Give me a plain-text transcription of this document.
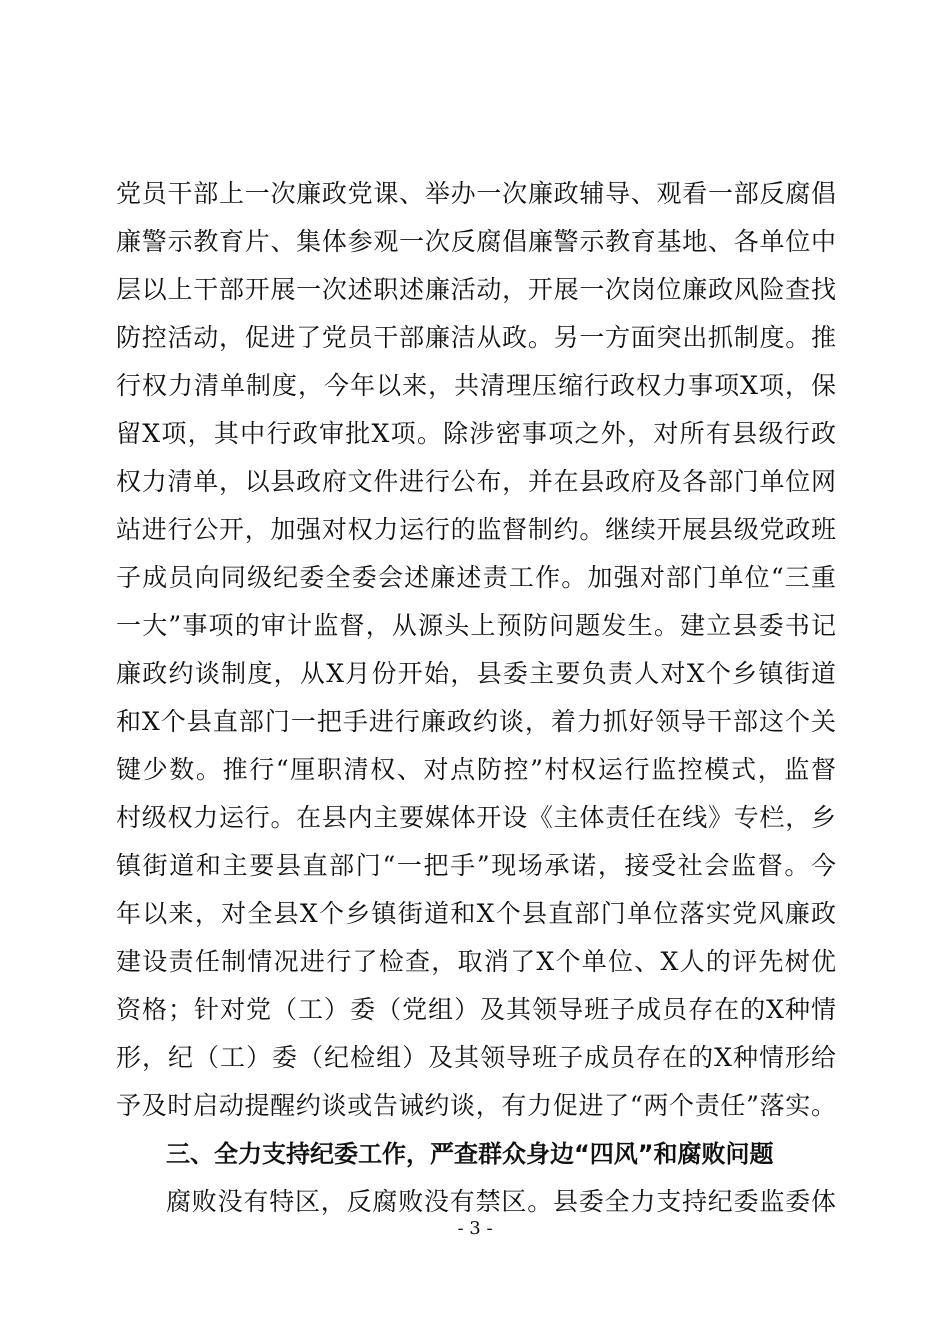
党员干部上一次廉政党课、举办一次廉政辅导、观看一部反腐倡
廉警示教育片、集体参观一次反腐倡廉警示教育基地、各单位中
层以上干部开展一次述职述廉活动，开展一次岗位廉政风险查找
防控活动，促进了党员干部廉洁从政。另一方面突出抓制度。推
行权力清单制度，今年以来，共清理压缩行政权力事项X项，保
留X项，其中行政审批X项。除涉密事项之外，对所有县级行政
权力清单，以县政府文件进行公布，并在县政府及各部门单位网
站进行公开，加强对权力运行的监督制约。继续开展县级党政班
子成员向同级纪委全委会述廉述责工作。加强对部门单位“三重
一大”事项的审计监督，从源头上预防问题发生。建立县委书记
廉政约谈制度，从X月份开始，县委主要负责人对X个乡镇街道
和X个县直部门一把手进行廉政约谈，着力抓好领导干部这个关
键少数。推行“厘职清权、对点防控”村权运行监控模式，监督
村级权力运行。在县内主要媒体开设《主体责任在线》专栏，乡
镇街道和主要县直部门“一把手”现场承诺，接受社会监督。今
年以来，对全县X个乡镇街道和X个县直部门单位落实党风廉政
建设责任制情况进行了检查，取消了X个单位、X人的评先树优
资格；针对党（工）委（党组）及其领导班子成员存在的X种情
形，纪（工）委（纪检组）及其领导班子成员存在的X种情形给
予及时启动提醒约谈或告诫约谈，有力促进了“两个责任”落实。
三、全力支持纪委工作，严查群众身边“四风”和腐败问题
腐败没有特区，反腐败没有禁区。县委全力支持纪委监委体
- 3 -
